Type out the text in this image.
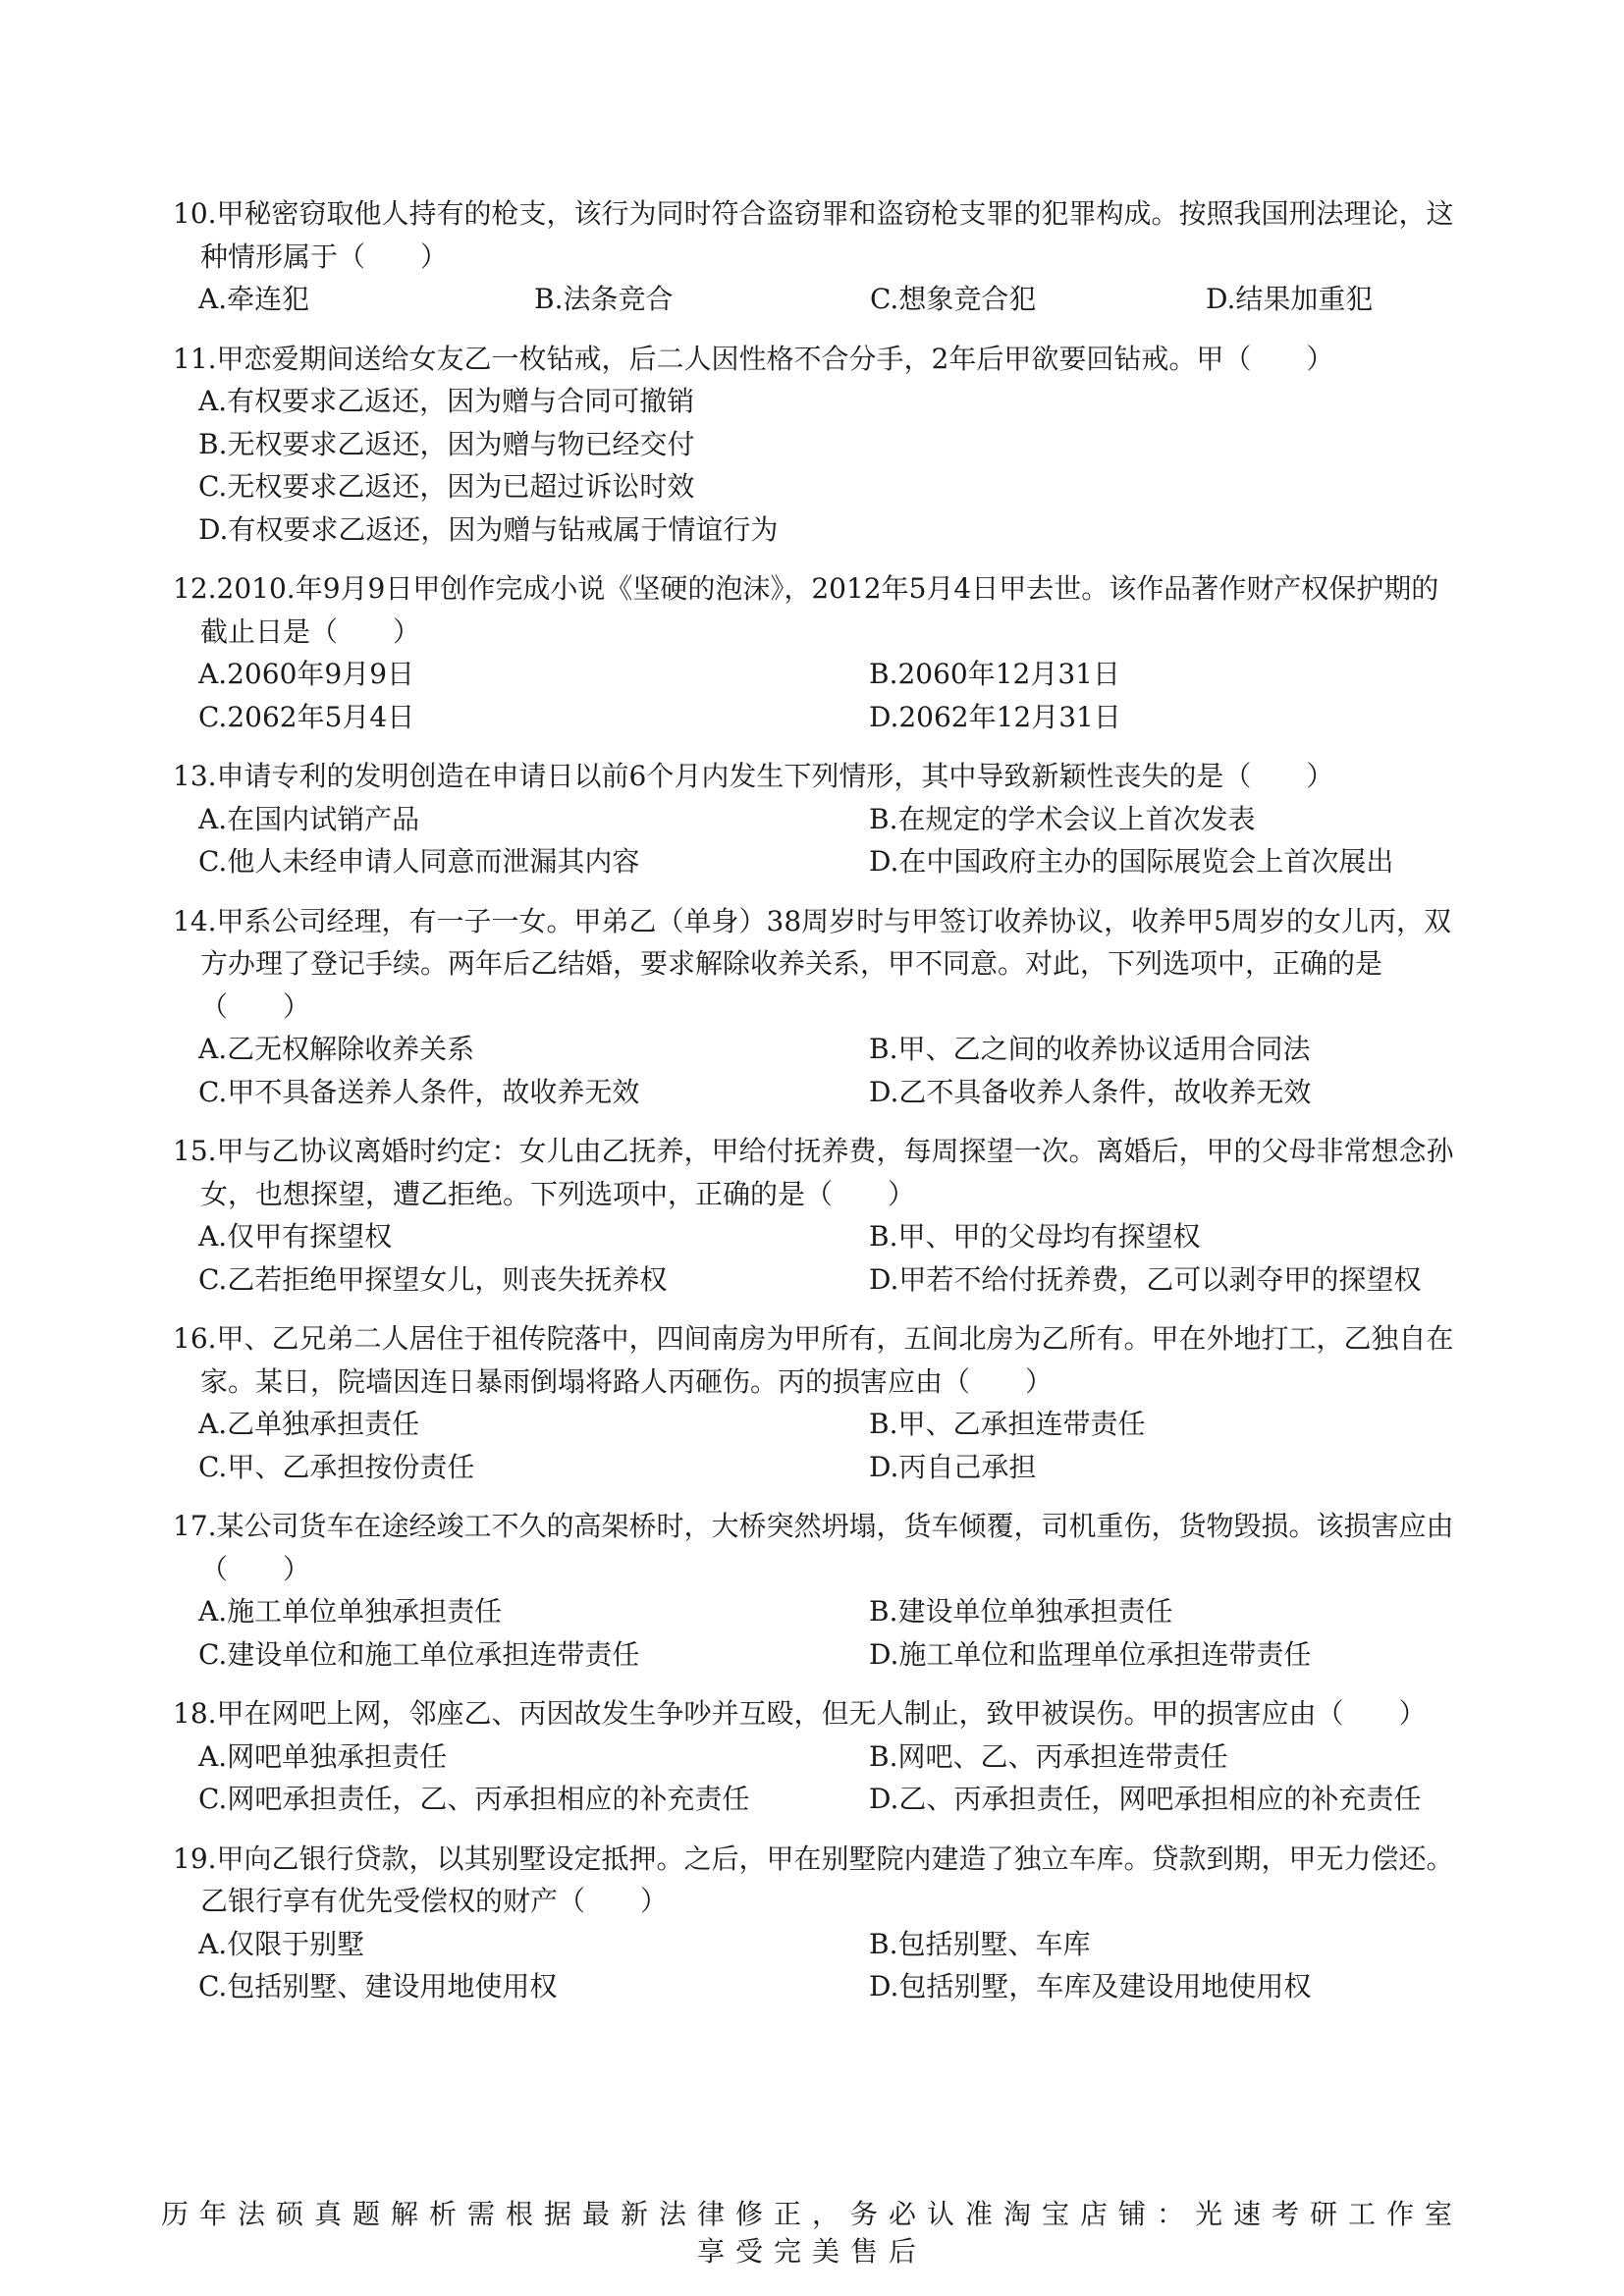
10.甲秘密窃取他人持有的枪支，该行为同时符合盗窃罪和盗窃枪支罪的犯罪构成。按照我国刑法理论，这种情形属于（　　）
A.牵连犯	B.法条竞合	C.想象竞合犯	D.结果加重犯
11.甲恋爱期间送给女友乙一枚钻戒，后二人因性格不合分手，2年后甲欲要回钻戒。甲（　　）
A.有权要求乙返还，因为赠与合同可撤销
B.无权要求乙返还，因为赠与物已经交付
C.无权要求乙返还，因为已超过诉讼时效
D.有权要求乙返还，因为赠与钻戒属于情谊行为
12.2010.年9月9日甲创作完成小说《坚硬的泡沫》，2012年5月4日甲去世。该作品著作财产权保护期的截止日是（　　）
A.2060年9月9日	B.2060年12月31日
C.2062年5月4日	D.2062年12月31日
13.申请专利的发明创造在申请日以前6个月内发生下列情形，其中导致新颖性丧失的是（　　）
A.在国内试销产品	B.在规定的学术会议上首次发表
C.他人未经申请人同意而泄漏其内容	D.在中国政府主办的国际展览会上首次展出
14.甲系公司经理，有一子一女。甲弟乙（单身）38周岁时与甲签订收养协议，收养甲5周岁的女儿丙，双方办理了登记手续。两年后乙结婚，要求解除收养关系，甲不同意。对此，下列选项中，正确的是（　　）
A.乙无权解除收养关系	B.甲、乙之间的收养协议适用合同法
C.甲不具备送养人条件，故收养无效	D.乙不具备收养人条件，故收养无效
15.甲与乙协议离婚时约定：女儿由乙抚养，甲给付抚养费，每周探望一次。离婚后，甲的父母非常想念孙女，也想探望，遭乙拒绝。下列选项中，正确的是（　　）
A.仅甲有探望权	B.甲、甲的父母均有探望权
C.乙若拒绝甲探望女儿，则丧失抚养权	D.甲若不给付抚养费，乙可以剥夺甲的探望权
16.甲、乙兄弟二人居住于祖传院落中，四间南房为甲所有，五间北房为乙所有。甲在外地打工，乙独自在家。某日，院墙因连日暴雨倒塌将路人丙砸伤。丙的损害应由（　　）
A.乙单独承担责任	B.甲、乙承担连带责任
C.甲、乙承担按份责任	D.丙自己承担
17.某公司货车在途经竣工不久的高架桥时，大桥突然坍塌，货车倾覆，司机重伤，货物毁损。该损害应由（　　）
A.施工单位单独承担责任	B.建设单位单独承担责任
C.建设单位和施工单位承担连带责任	D.施工单位和监理单位承担连带责任
18.甲在网吧上网，邻座乙、丙因故发生争吵并互殴，但无人制止，致甲被误伤。甲的损害应由（　　）
A.网吧单独承担责任	B.网吧、乙、丙承担连带责任
C.网吧承担责任，乙、丙承担相应的补充责任	D.乙、丙承担责任，网吧承担相应的补充责任
19.甲向乙银行贷款，以其别墅设定抵押。之后，甲在别墅院内建造了独立车库。贷款到期，甲无力偿还。乙银行享有优先受偿权的财产（　　）
A.仅限于别墅	B.包括别墅、车库
C.包括别墅、建设用地使用权	D.包括别墅，车库及建设用地使用权
历年法硕真题解析需根据最新法律修正，务必认准淘宝店铺：光速考研工作室
享受完美售后
